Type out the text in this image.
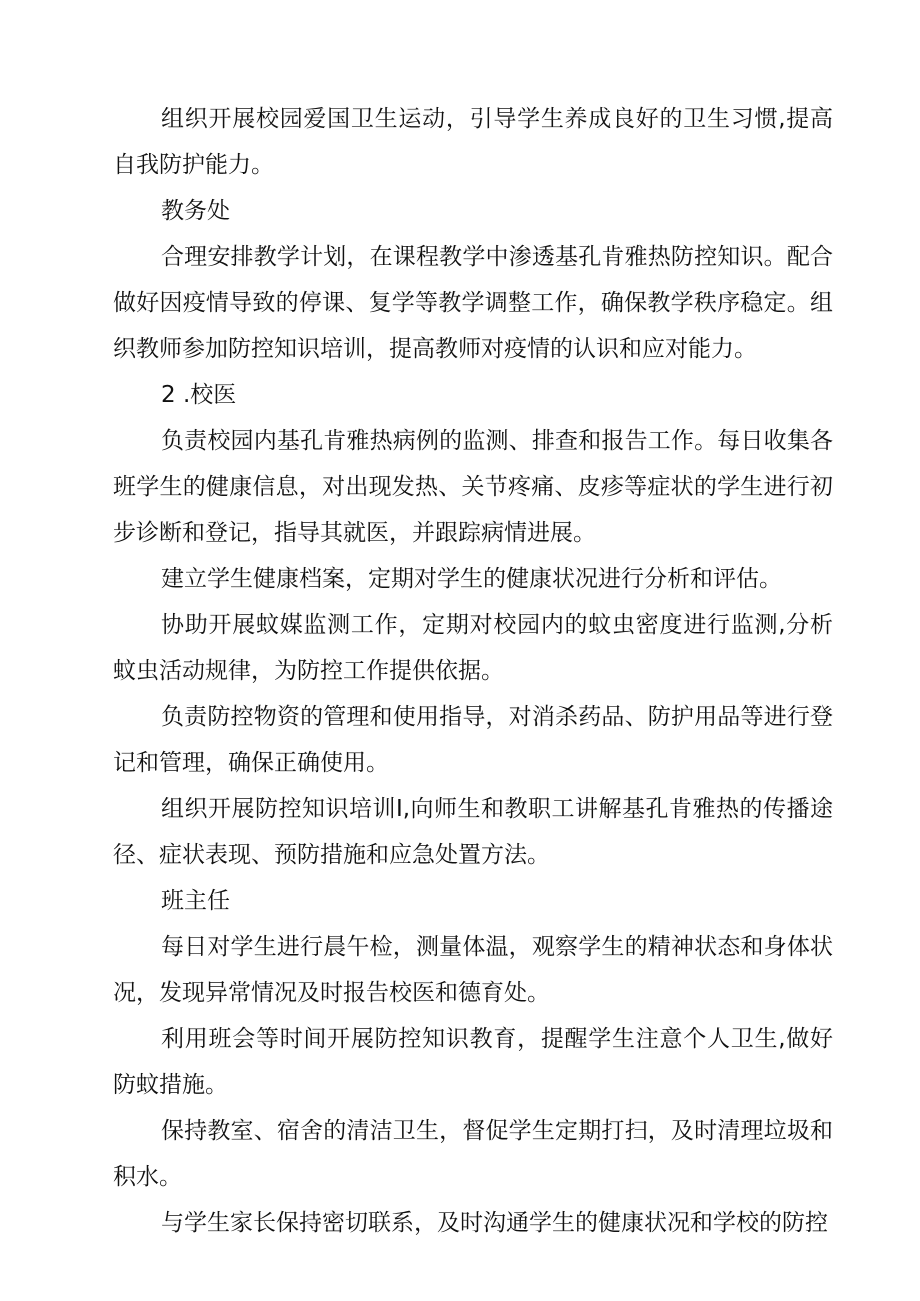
组织开展校园爱国卫生运动，引导学生养成良好的卫生习惯,提高自我防护能力。

教务处

合理安排教学计划，在课程教学中渗透基孔肯雅热防控知识。配合做好因疫情导致的停课、复学等教学调整工作，确保教学秩序稳定。组织教师参加防控知识培训，提高教师对疫情的认识和应对能力。

2 .校医

负责校园内基孔肯雅热病例的监测、排查和报告工作。每日收集各班学生的健康信息，对出现发热、关节疼痛、皮疹等症状的学生进行初步诊断和登记，指导其就医，并跟踪病情进展。

建立学生健康档案，定期对学生的健康状况进行分析和评估。

协助开展蚊媒监测工作，定期对校园内的蚊虫密度进行监测,分析蚊虫活动规律，为防控工作提供依据。

负责防控物资的管理和使用指导，对消杀药品、防护用品等进行登记和管理，确保正确使用。

组织开展防控知识培训I,向师生和教职工讲解基孔肯雅热的传播途径、症状表现、预防措施和应急处置方法。

班主任

每日对学生进行晨午检，测量体温，观察学生的精神状态和身体状况，发现异常情况及时报告校医和德育处。

利用班会等时间开展防控知识教育，提醒学生注意个人卫生,做好防蚊措施。

保持教室、宿舍的清洁卫生，督促学生定期打扫，及时清理垃圾和积水。

与学生家长保持密切联系，及时沟通学生的健康状况和学校的防控
